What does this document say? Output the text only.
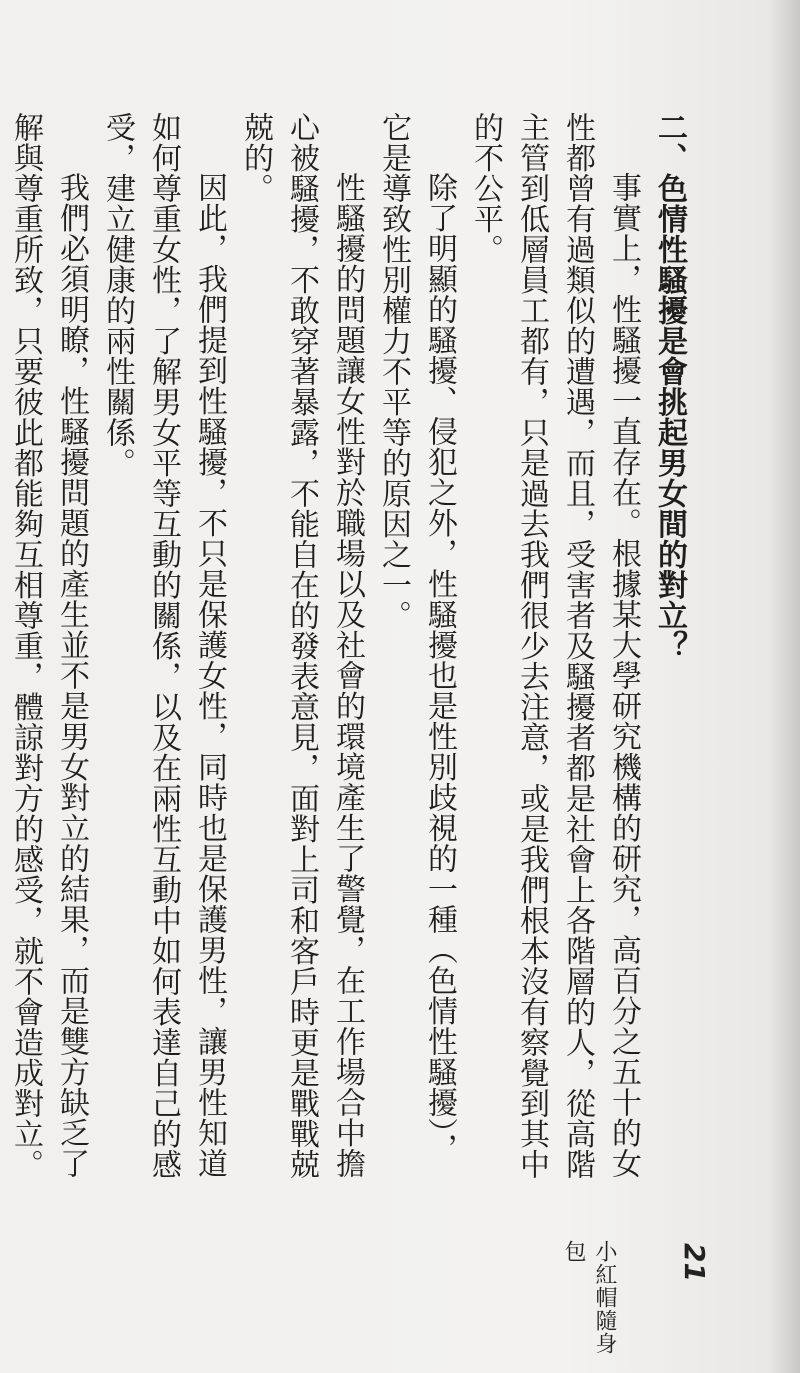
二、色情性騷擾是會挑起男女間的對立？

事實上，性騷擾一直存在。根據某大學研究機構的研究，高百分之五十的女性都曾有過類似的遭遇，而且，受害者及騷擾者都是社會上各階層的人，從高階主管到低層員工都有，只是過去我們很少去注意，或是我們根本沒有察覺到其中的不公平。

除了明顯的騷擾、侵犯之外，性騷擾也是性別歧視的一種（色情性騷擾），它是導致性別權力不平等的原因之一。

性騷擾的問題讓女性對於職場以及社會的環境產生了警覺，在工作場合中擔心被騷擾，不敢穿著暴露，不能自在的發表意見，面對上司和客戶時更是戰戰兢兢的。

因此，我們提到性騷擾，不只是保護女性，同時也是保護男性，讓男性知道如何尊重女性，了解男女平等互動的關係，以及在兩性互動中如何表達自己的感受，建立健康的兩性關係。

我們必須明瞭，性騷擾問題的產生並不是男女對立的結果，而是雙方缺乏了解與尊重所致，只要彼此都能夠互相尊重，體諒對方的感受，就不會造成對立。

小紅帽隨身包	21
